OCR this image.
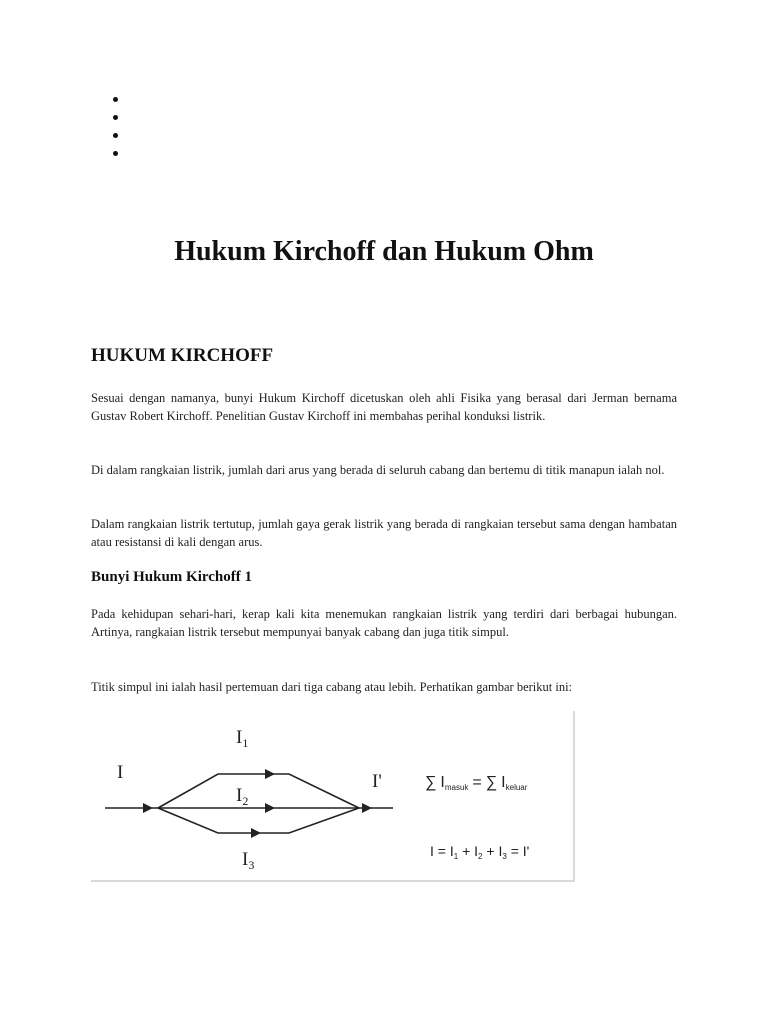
Hukum Kirchoff dan Hukum Ohm
HUKUM KIRCHOFF

Sesuai dengan namanya, bunyi Hukum Kirchoff dicetuskan oleh ahli Fisika yang berasal dari Jerman bernama Gustav Robert Kirchoff. Penelitian Gustav Kirchoff ini membahas perihal konduksi listrik.

Di dalam rangkaian listrik, jumlah dari arus yang berada di seluruh cabang dan bertemu di titik manapun ialah nol.

Dalam rangkaian listrik tertutup, jumlah gaya gerak listrik yang berada di rangkaian tersebut sama dengan hambatan atau resistansi di kali dengan arus.

Bunyi Hukum Kirchoff 1

Pada kehidupan sehari-hari, kerap kali kita menemukan rangkaian listrik yang terdiri dari berbagai hubungan. Artinya, rangkaian listrik tersebut mempunyai banyak cabang dan juga titik simpul.

Titik simpul ini ialah hasil pertemuan dari tiga cabang atau lebih. Perhatikan gambar berikut ini:

I
$I_1$
$I_2$
$I_3$
I'	∑ Imasuk = ∑ Ikeluar
$I = I_1 + I_2 + I_3 = I'$
